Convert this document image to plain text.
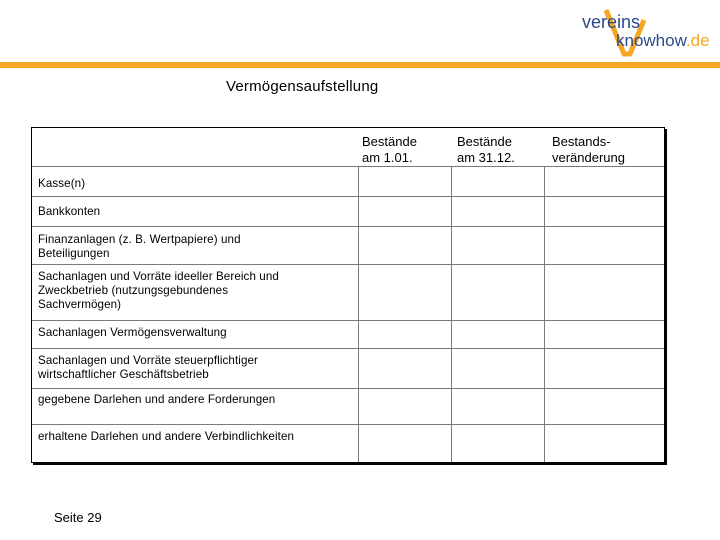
vereins
knowhow.de
Vermögensaufstellung
Bestände
am 1.01.
Bestände
am 31.12.
Bestands-
veränderung
Kasse(n)
Bankkonten
Finanzanlagen (z. B. Wertpapiere) und
Beteiligungen
Sachanlagen und Vorräte ideeller Bereich und
Zweckbetrieb (nutzungsgebundenes
Sachvermögen)
Sachanlagen Vermögensverwaltung
Sachanlagen und Vorräte steuerpflichtiger
wirtschaftlicher Geschäftsbetrieb
gegebene Darlehen und andere Forderungen
erhaltene Darlehen und andere Verbindlichkeiten
Seite 29
